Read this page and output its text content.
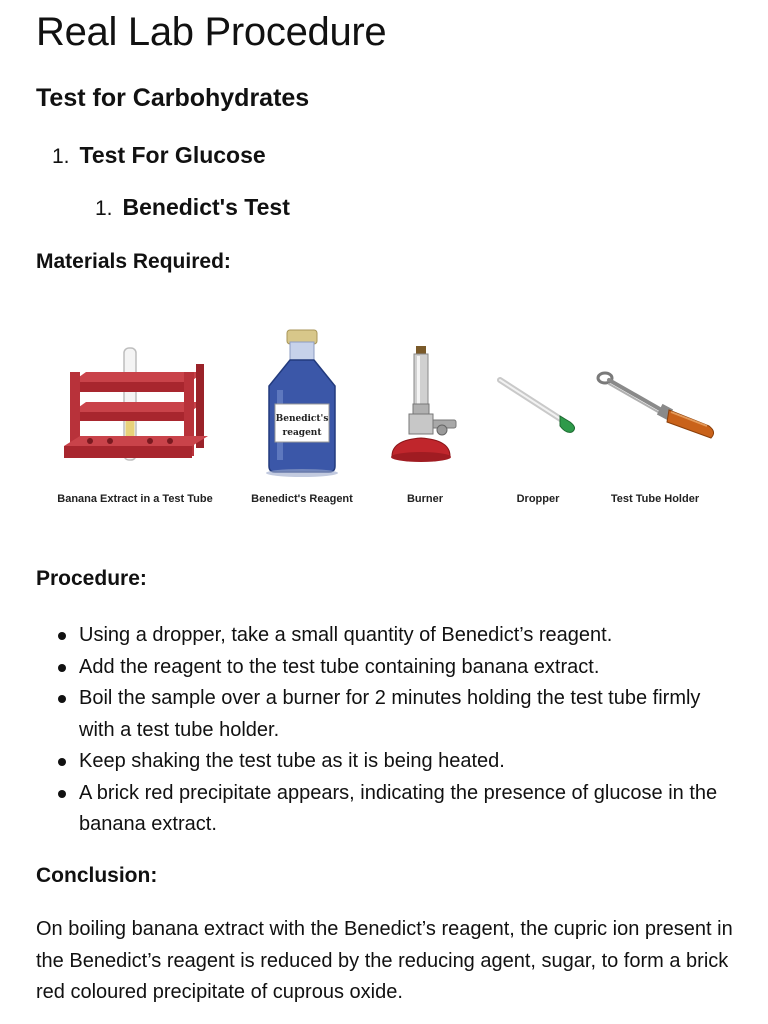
Real Lab Procedure
Test for Carbohydrates
1. Test For Glucose
1. Benedict's Test
Materials Required:
Banana Extract in a Test Tube
Benedict's
reagent
Benedict's Reagent	Burner	Dropper	Test Tube Holder
Procedure:
Using a dropper, take a small quantity of Benedict’s reagent.
Add the reagent to the test tube containing banana extract.
Boil the sample over a burner for 2 minutes holding the test tube firmly with a test tube holder.
Keep shaking the test tube as it is being heated.
A brick red precipitate appears, indicating the presence of glucose in the banana extract.
Conclusion:

On boiling banana extract with the Benedict’s reagent, the cupric ion present in the Benedict’s reagent is reduced by the reducing agent, sugar, to form a brick red coloured precipitate of cuprous oxide.
